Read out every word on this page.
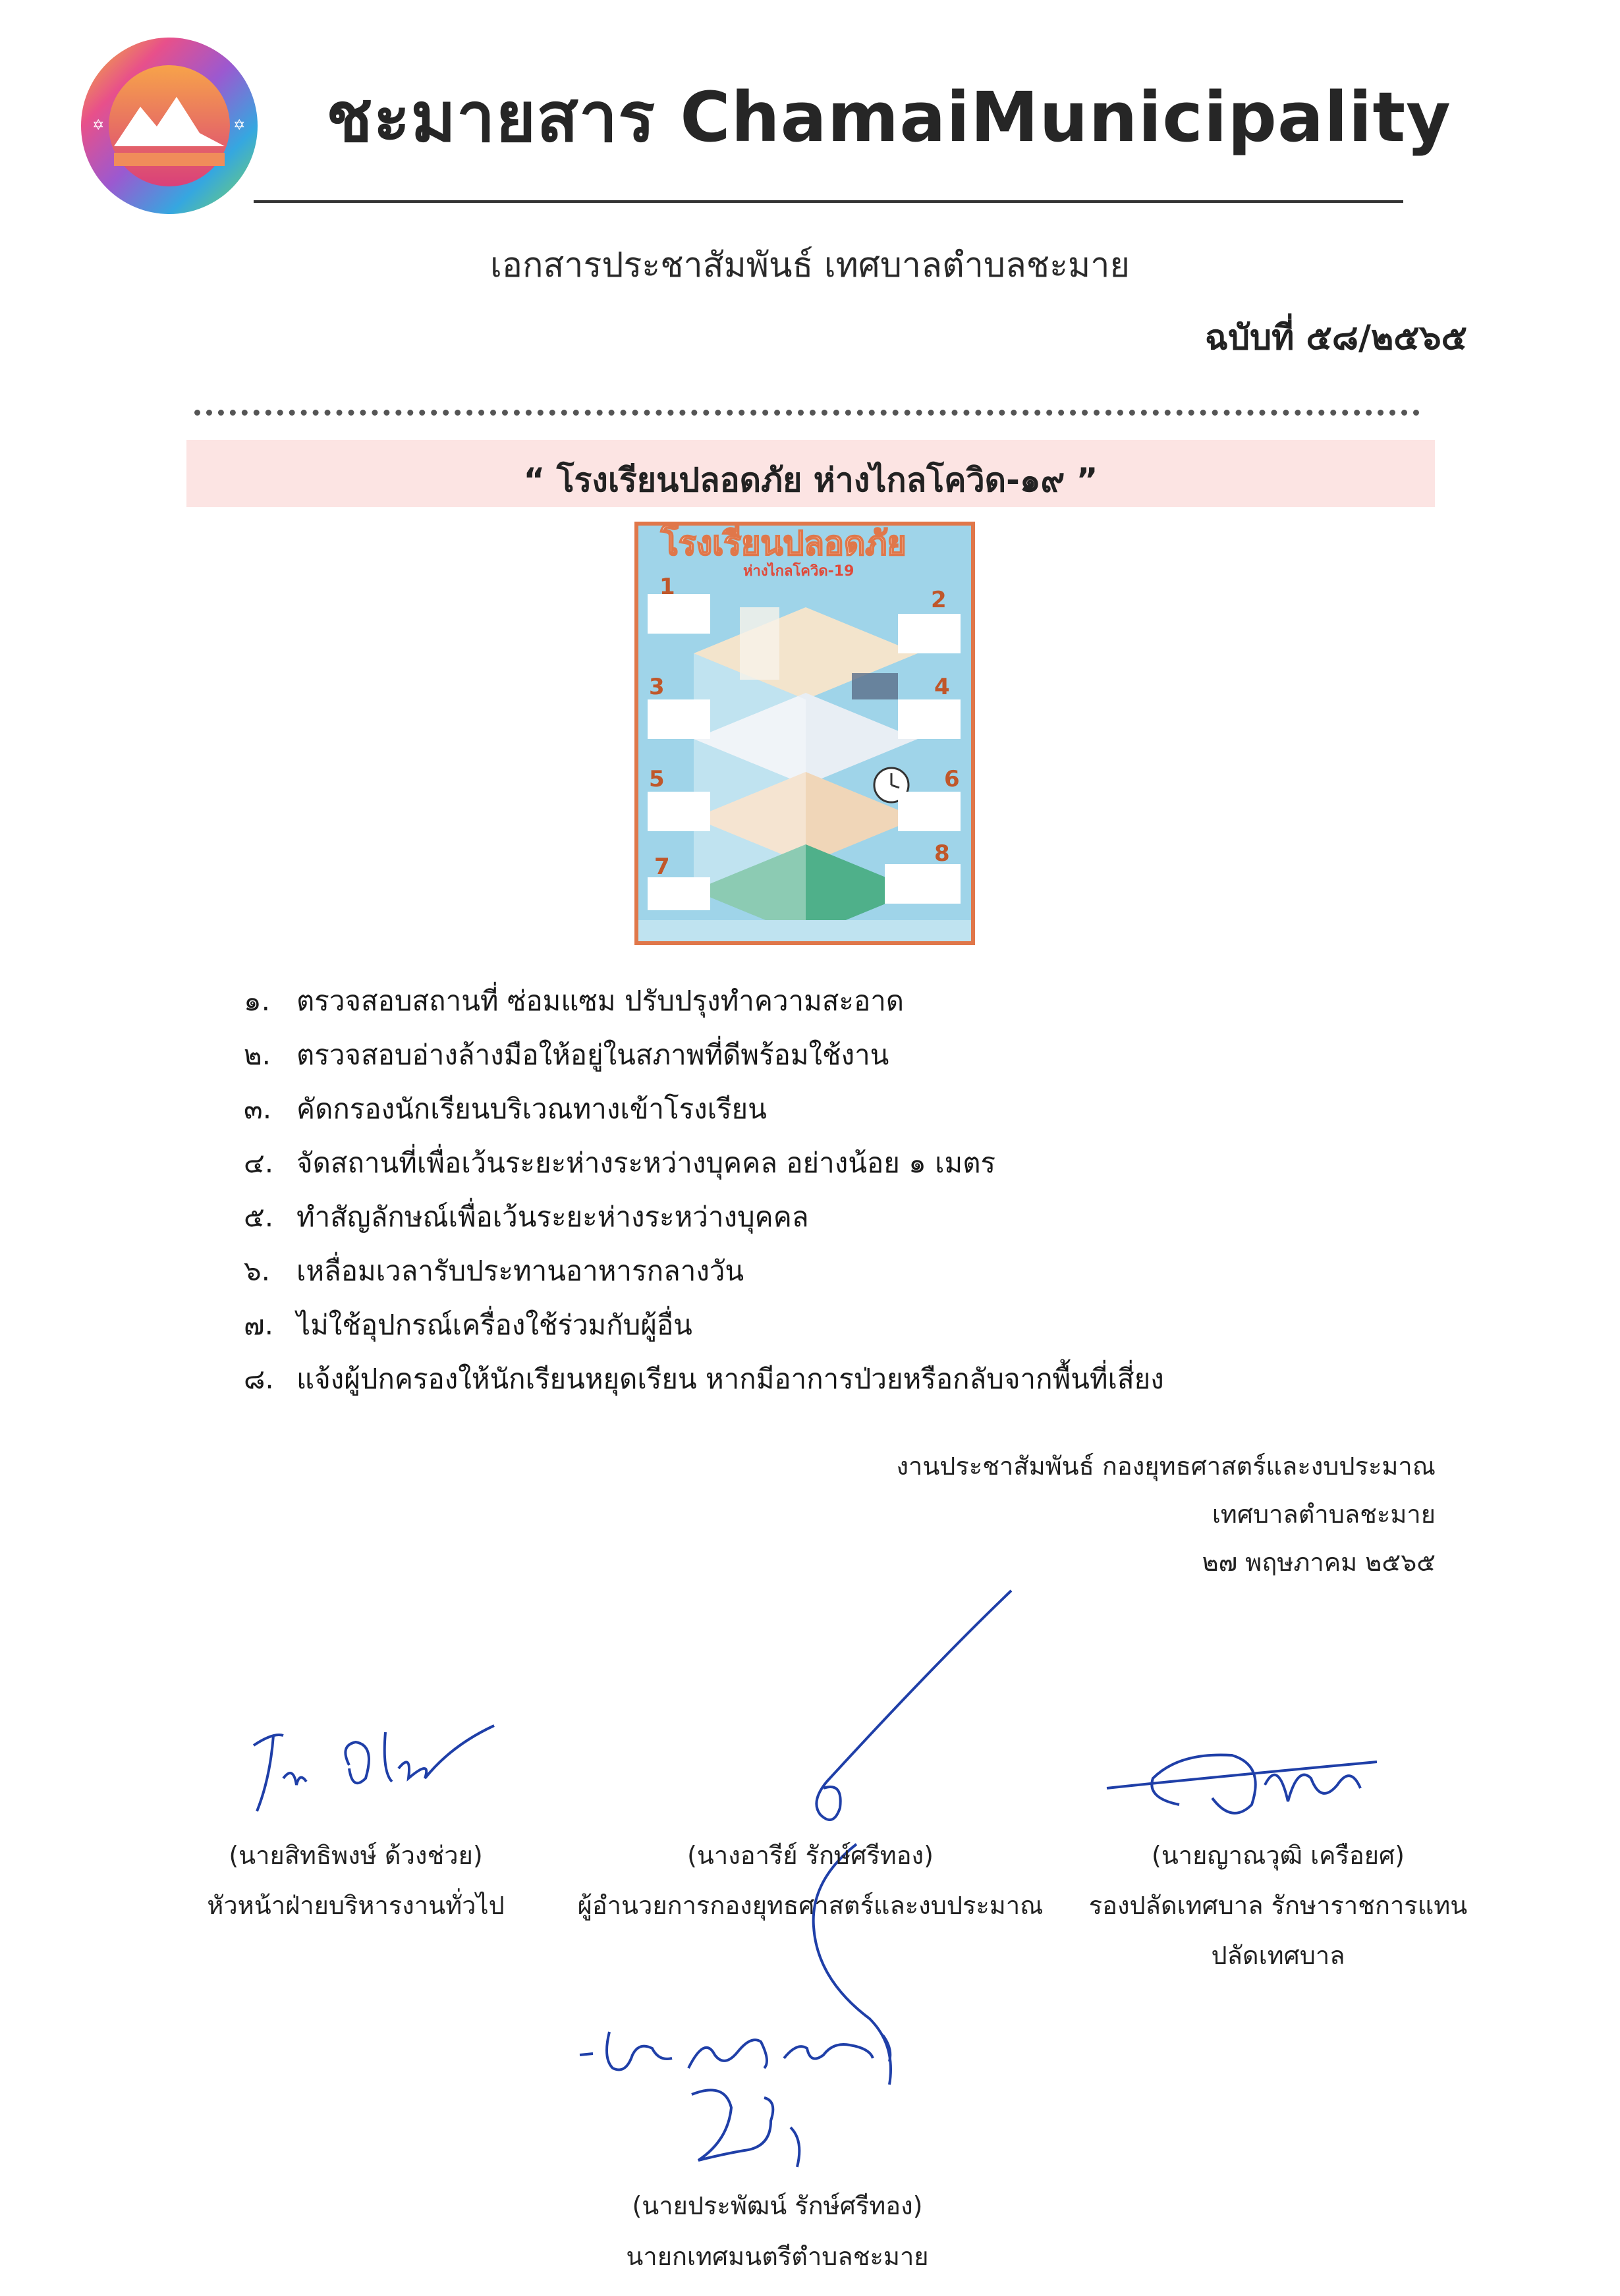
✡	✡ ชะมายสาร ChamaiMunicipality
เอกสารประชาสัมพันธ์ เทศบาลตำบลชะมาย
ฉบับที่ ๕๘/๒๕๖๕
“ โรงเรียนปลอดภัย ห่างไกลโควิด-๑๙ ”
โรงเรียนปลอดภัย
ห่างไกลโควิด-19
1	2
3	4
5	6
7	8
๑. ตรวจสอบสถานที่ ซ่อมแซม ปรับปรุงทำความสะอาด
๒. ตรวจสอบอ่างล้างมือให้อยู่ในสภาพที่ดีพร้อมใช้งาน
๓. คัดกรองนักเรียนบริเวณทางเข้าโรงเรียน
๔. จัดสถานที่เพื่อเว้นระยะห่างระหว่างบุคคล อย่างน้อย ๑ เมตร
๕. ทำสัญลักษณ์เพื่อเว้นระยะห่างระหว่างบุคคล
๖. เหลื่อมเวลารับประทานอาหารกลางวัน
๗. ไม่ใช้อุปกรณ์เครื่องใช้ร่วมกับผู้อื่น
๘. แจ้งผู้ปกครองให้นักเรียนหยุดเรียน หากมีอาการป่วยหรือกลับจากพื้นที่เสี่ยง
งานประชาสัมพันธ์ กองยุทธศาสตร์และงบประมาณ
เทศบาลตำบลชะมาย
๒๗ พฤษภาคม ๒๕๖๕
(นายสิทธิพงษ์ ด้วงช่วย)
หัวหน้าฝ่ายบริหารงานทั่วไป
(นางอารีย์ รักษ์ศรีทอง)
ผู้อำนวยการกองยุทธศาสตร์และงบประมาณ
(นายญาณวุฒิ เครือยศ)
รองปลัดเทศบาล รักษาราชการแทน
ปลัดเทศบาล
(นายประพัฒน์ รักษ์ศรีทอง)
นายกเทศมนตรีตำบลชะมาย
